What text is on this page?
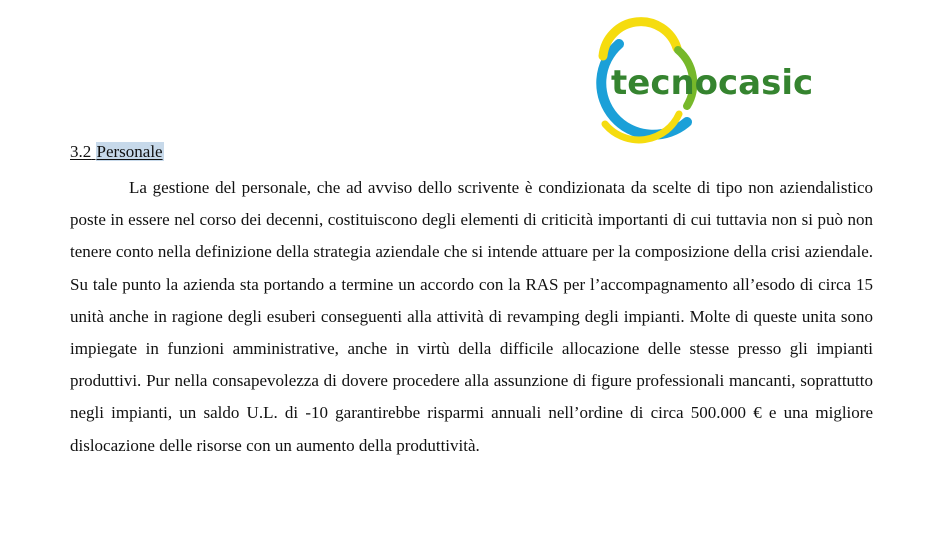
tecnocasic
3.2 Personale

La gestione del personale, che ad avviso dello scrivente è condizionata da scelte di tipo non aziendalistico poste in essere nel corso dei decenni, costituiscono degli elementi di criticità importanti di cui tuttavia non si può non tenere conto nella definizione della strategia aziendale che si intende attuare per la composizione della crisi aziendale. Su tale punto la azienda sta portando a termine un accordo con la RAS per l’accompagnamento all’esodo di circa 15 unità anche in ragione degli esuberi conseguenti alla attività di revamping degli impianti. Molte di queste unita sono impiegate in funzioni amministrative, anche in virtù della difficile allocazione delle stesse presso gli impianti produttivi. Pur nella consapevolezza di dovere procedere alla assunzione di figure professionali mancanti, soprattutto negli impianti, un saldo U.L. di -10 garantirebbe risparmi annuali nell’ordine di circa 500.000 € e una migliore dislocazione delle risorse con un aumento della produttività.
